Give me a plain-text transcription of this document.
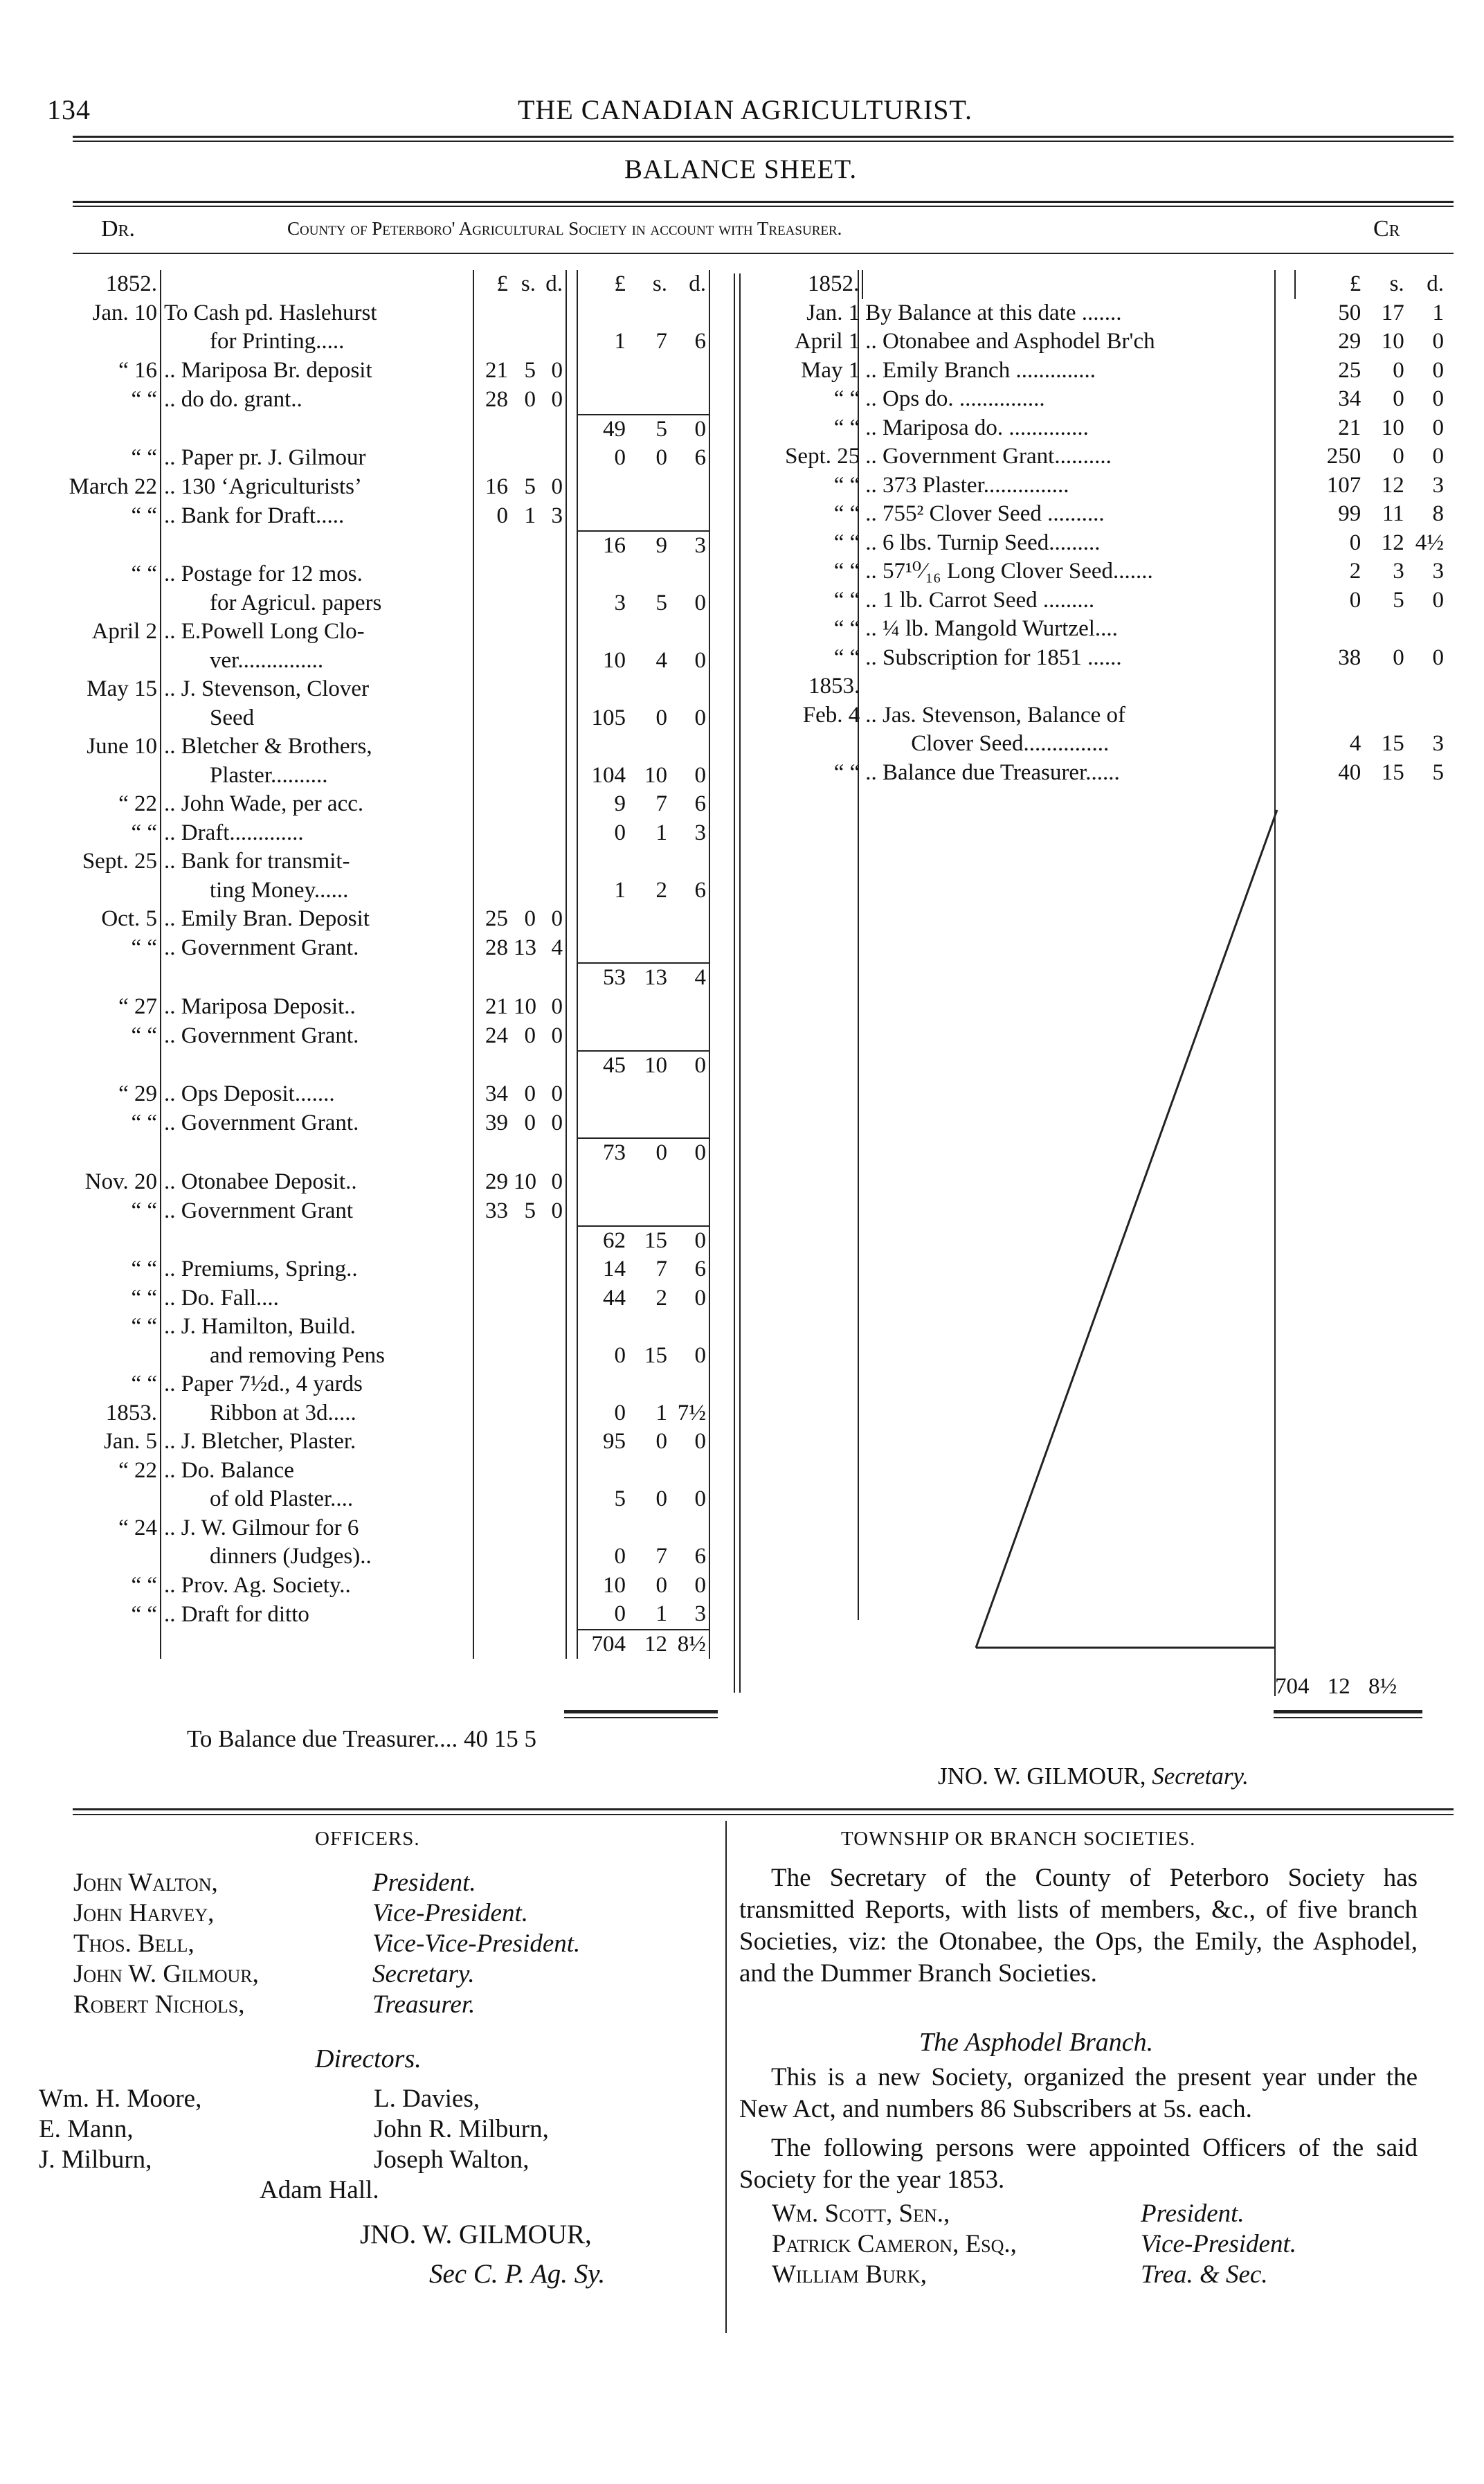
134	THE CANADIAN AGRICULTURIST.
BALANCE SHEET.
Dr.	County of Peterboro' Agricultural Society in account with Treasurer.	Cr
1852.		£	s.	d.		£	s.	d.	
Jan. 10	To Cash pd. Haslehurst								
	for Printing.....					1	7	6	
“ 16	.. Mariposa Br. deposit	21	5	0					
“ “	.. do do. grant..	28	0	0					
						49	5	0	
“ “	.. Paper pr. J. Gilmour					0	0	6	
March 22	.. 130 ‘Agriculturists’	16	5	0					
“ “	.. Bank for Draft.....	0	1	3					
						16	9	3	
“ “	.. Postage for 12 mos.								
	for Agricul. papers					3	5	0	
April 2	.. E.Powell Long Clo-								
	ver...............					10	4	0	
May 15	.. J. Stevenson, Clover								
	Seed					105	0	0	
June 10	.. Bletcher & Brothers,								
	Plaster..........					104	10	0	
“ 22	.. John Wade, per acc.					9	7	6	
“ “	.. Draft.............					0	1	3	
Sept. 25	.. Bank for transmit-								
	ting Money......					1	2	6	
Oct. 5	.. Emily Bran. Deposit	25	0	0					
“ “	.. Government Grant.	28	13	4					
						53	13	4	
“ 27	.. Mariposa Deposit..	21	10	0					
“ “	.. Government Grant.	24	0	0					
						45	10	0	
“ 29	.. Ops Deposit.......	34	0	0					
“ “	.. Government Grant.	39	0	0					
						73	0	0	
Nov. 20	.. Otonabee Deposit..	29	10	0					
“ “	.. Government Grant	33	5	0					
						62	15	0	
“ “	.. Premiums, Spring..					14	7	6	
“ “	.. Do. Fall....					44	2	0	
“ “	.. J. Hamilton, Build.								
	and removing Pens					0	15	0	
“ “	.. Paper 7½d., 4 yards								
1853.	Ribbon at 3d.....					0	1	7½	
Jan. 5	.. J. Bletcher, Plaster.					95	0	0	
“ 22	.. Do. Balance								
	of old Plaster....					5	0	0	
“ 24	.. J. W. Gilmour for 6								
	dinners (Judges)..					0	7	6	
“ “	.. Prov. Ag. Society..					10	0	0	
“ “	.. Draft for ditto					0	1	3	
						704	12	8½	
1852.		£	s.	d.
Jan. 1	By Balance at this date .......	50	17	1
April 1	.. Otonabee and Asphodel Br'ch	29	10	0
May 1	.. Emily Branch ..............	25	0	0
“ “	.. Ops do. ...............	34	0	0
“ “	.. Mariposa do. ..............	21	10	0
Sept. 25	.. Government Grant..........	250	0	0
“ “	.. 373 Plaster...............	107	12	3
“ “	.. 755² Clover Seed ..........	99	11	8
“ “	.. 6 lbs. Turnip Seed.........	0	12	4½
“ “	.. 57¹⁰⁄₁₆ Long Clover Seed.......	2	3	3
“ “	.. 1 lb. Carrot Seed .........	0	5	0
“ “	.. ¼ lb. Mangold Wurtzel....			
“ “	.. Subscription for 1851 ......	38	0	0
1853.				
Feb. 4	.. Jas. Stevenson, Balance of			
	Clover Seed...............	4	15	3
“ “	.. Balance due Treasurer......	40	15	5
704 12 8½
To Balance due Treasurer.... 40 15 5
JNO. W. GILMOUR, Secretary.
OFFICERS.
John Walton,	President.
John Harvey,	Vice-President.
Thos. Bell,	Vice-Vice-President.
John W. Gilmour,	Secretary.
Robert Nichols,	Treasurer.
Directors.
Wm. H. Moore,	L. Davies,
E. Mann,	John R. Milburn,
J. Milburn,	Joseph Walton,
Adam Hall.
JNO. W. GILMOUR,
Sec C. P. Ag. Sy.
TOWNSHIP OR BRANCH SOCIETIES.
The Secretary of the County of Peterboro Society has transmitted Reports, with lists of members, &c., of five branch Societies, viz: the Otonabee, the Ops, the Emily, the Asphodel, and the Dummer Branch Societies.
The Asphodel Branch.
This is a new Society, organized the present year under the New Act, and numbers 86 Subscribers at 5s. each.
The following persons were appointed Officers of the said Society for the year 1853.
Wm. Scott, Sen.,	President.
Patrick Cameron, Esq.,	Vice-President.
William Burk,	Trea. & Sec.
